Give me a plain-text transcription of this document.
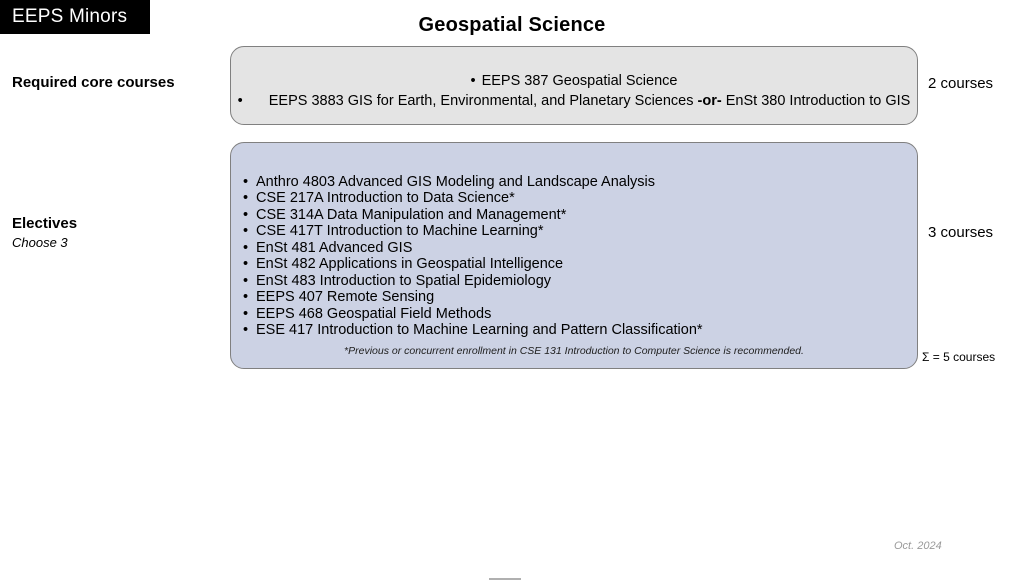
EEPS Minors	Geospatial Science
Required core courses	2 courses
• EEPS 387 Geospatial Science
• EEPS 3883 GIS for Earth, Environmental, and Planetary Sciences -or- EnSt 380 Introduction to GIS
Electives
Choose 3
3 courses
• Anthro 4803 Advanced GIS Modeling and Landscape Analysis
• CSE 217A Introduction to Data Science*
• CSE 314A Data Manipulation and Management*
• CSE 417T Introduction to Machine Learning*
• EnSt 481 Advanced GIS
• EnSt 482 Applications in Geospatial Intelligence
• EnSt 483 Introduction to Spatial Epidemiology
• EEPS 407 Remote Sensing
• EEPS 468 Geospatial Field Methods
• ESE 417 Introduction to Machine Learning and Pattern Classification*
*Previous or concurrent enrollment in CSE 131 Introduction to Computer Science is recommended.	Σ = 5 courses
Oct. 2024
